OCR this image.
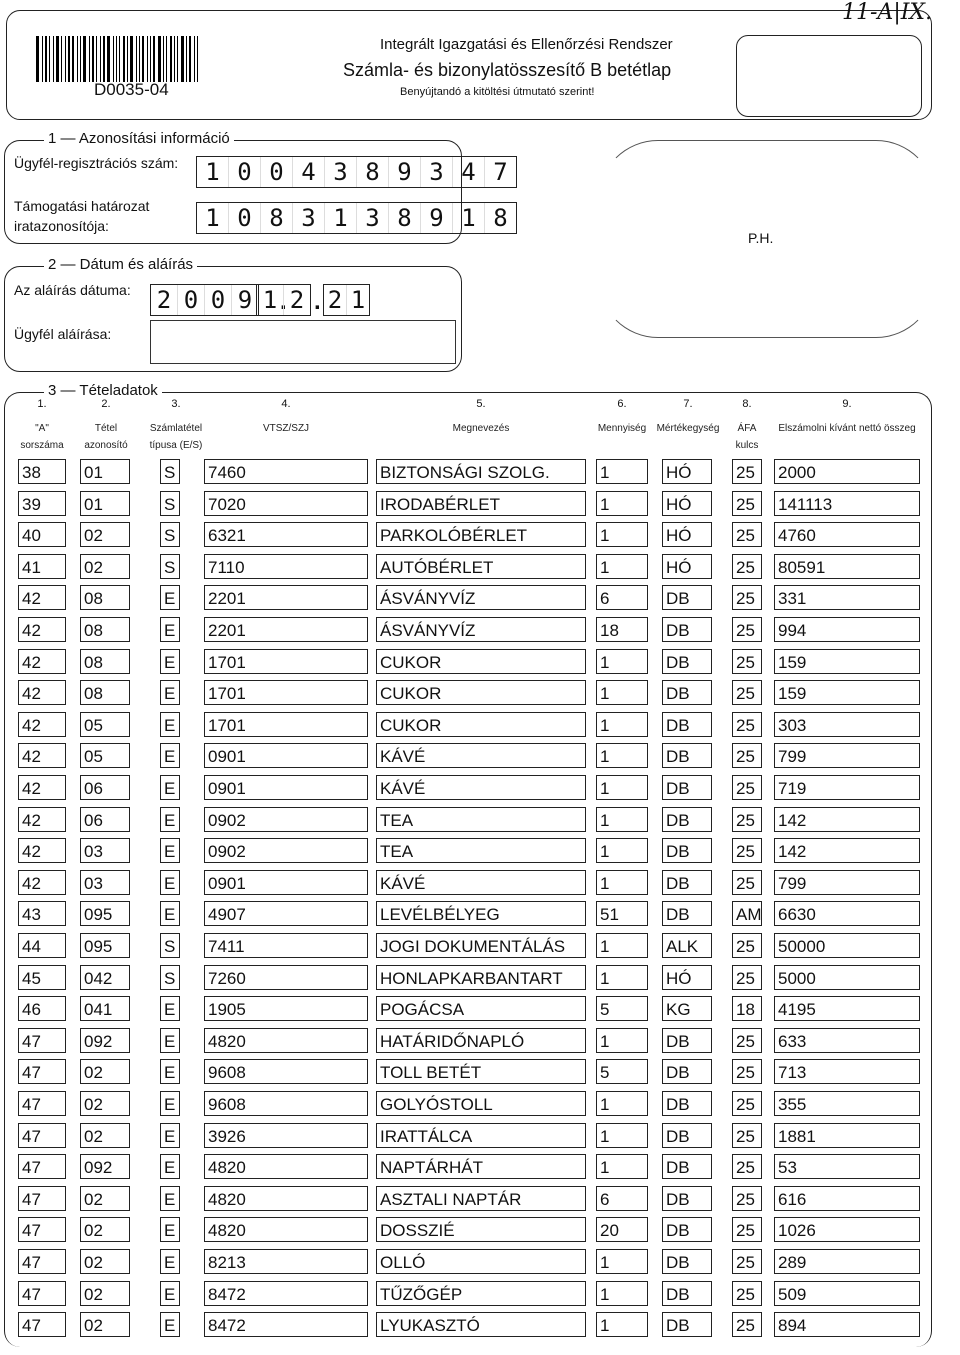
D0035-04
Integrált Igazgatási és Ellenőrzési Rendszer
Számla- és bizonylatösszesítő B betétlap
Benyújtandó a kitöltési útmutató szerint!
11-A|IX.
1 — Azonosítási információ
Ügyfél-regisztrációs szám:	1 0 0 4 3 8 9 3 4 7
Támogatási határozat
iratazonosítója:	1 0 8 3 1 3 8 9 1 8
2 — Dátum és aláírás
Az aláírás dátuma: 2 0 0 9 .
1 2 . 2 1
Ügyfél aláírása:
P.H.
3 — Tételadatok
1.
"A"
sorszáma
2.
Tétel
azonosító
3.
Számlatétel
típusa (E/S)
4.
VTSZ/SZJ
5.
Megnevezés
6.
Mennyiség
7.
Mértékegység
8.
ÁFA
kulcs
9.
Elszámolni kívánt nettó összeg
38	01	S 7460	BIZTONSÁGI SZOLG.	1	HÓ	25	2000
39	01	S 7020	IRODABÉRLET	1	HÓ	25	141113
40	02	S 6321	PARKOLÓBÉRLET	1	HÓ	25	4760
41	02	S 7110	AUTÓBÉRLET	1	HÓ	25	80591
42	08	E 2201	ÁSVÁNYVÍZ	6	DB	25	331
42	08	E 2201	ÁSVÁNYVÍZ	18	DB	25	994
42	08	E 1701	CUKOR	1	DB	25	159
42	08	E 1701	CUKOR	1	DB	25	159
42	05	E 1701	CUKOR	1	DB	25	303
42	05	E 0901	KÁVÉ	1	DB	25	799
42	06	E 0901	KÁVÉ	1	DB	25	719
42	06	E 0902	TEA	1	DB	25	142
42	03	E 0902	TEA	1	DB	25	142
42	03	E 0901	KÁVÉ	1	DB	25	799
43	095	E 4907	LEVÉLBÉLYEG	51	DB	AM 6630
44	095	S 7411	JOGI DOKUMENTÁLÁS	1	ALK	25	50000
45	042	S 7260	HONLAPKARBANTART	1	HÓ	25	5000
46	041	E 1905	POGÁCSA	5	KG	18	4195
47	092	E 4820	HATÁRIDŐNAPLÓ	1	DB	25	633
47	02	E 9608	TOLL BETÉT	5	DB	25	713
47	02	E 9608	GOLYÓSTOLL	1	DB	25	355
47	02	E 3926	IRATTÁLCA	1	DB	25	1881
47	092	E 4820	NAPTÁRHÁT	1	DB	25	53
47	02	E 4820	ASZTALI NAPTÁR	6	DB	25	616
47	02	E 4820	DOSSZIÉ	20	DB	25	1026
47	02	E 8213	OLLÓ	1	DB	25	289
47	02	E 8472	TŰZŐGÉP	1	DB	25	509
47	02	E 8472	LYUKASZTÓ	1	DB	25	894
